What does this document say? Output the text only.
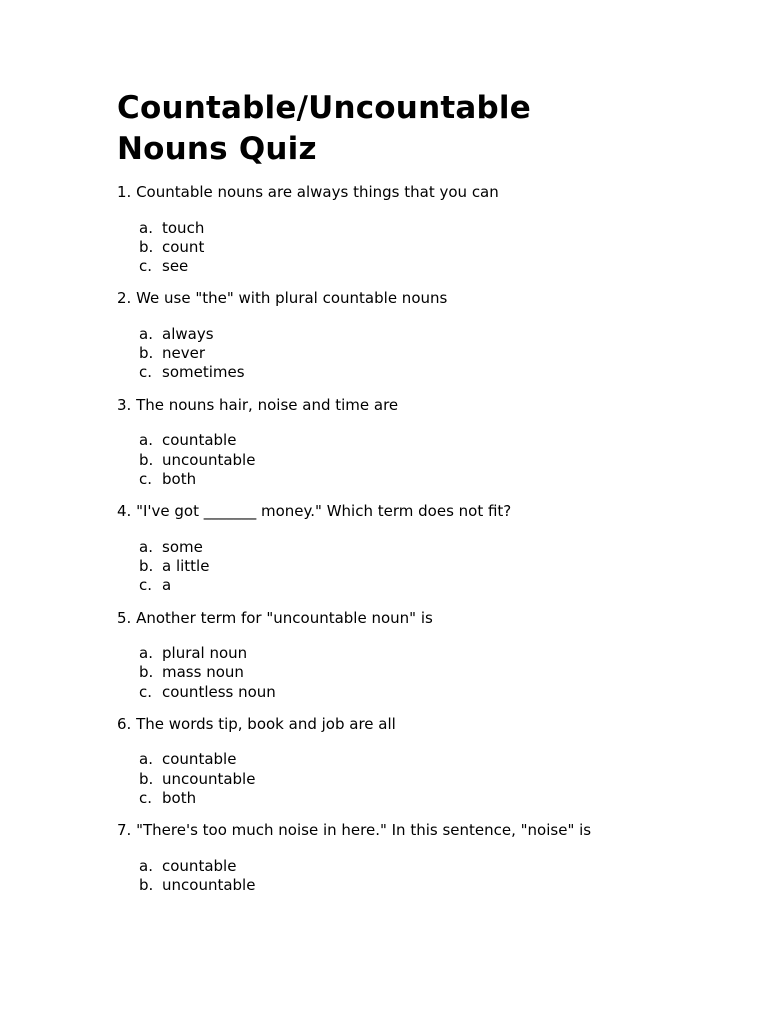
Countable/Uncountable
Nouns Quiz

1. Countable nouns are always things that you can

a. touch
b. count
c. see

2. We use "the" with plural countable nouns

a. always
b. never
c. sometimes

3. The nouns hair, noise and time are

a. countable
b. uncountable
c. both

4. "I've got _______ money." Which term does not fit?

a. some
b. a little
c. a

5. Another term for "uncountable noun" is

a. plural noun
b. mass noun
c. countless noun

6. The words tip, book and job are all

a. countable
b. uncountable
c. both

7. "There's too much noise in here." In this sentence, "noise" is

a. countable
b. uncountable
